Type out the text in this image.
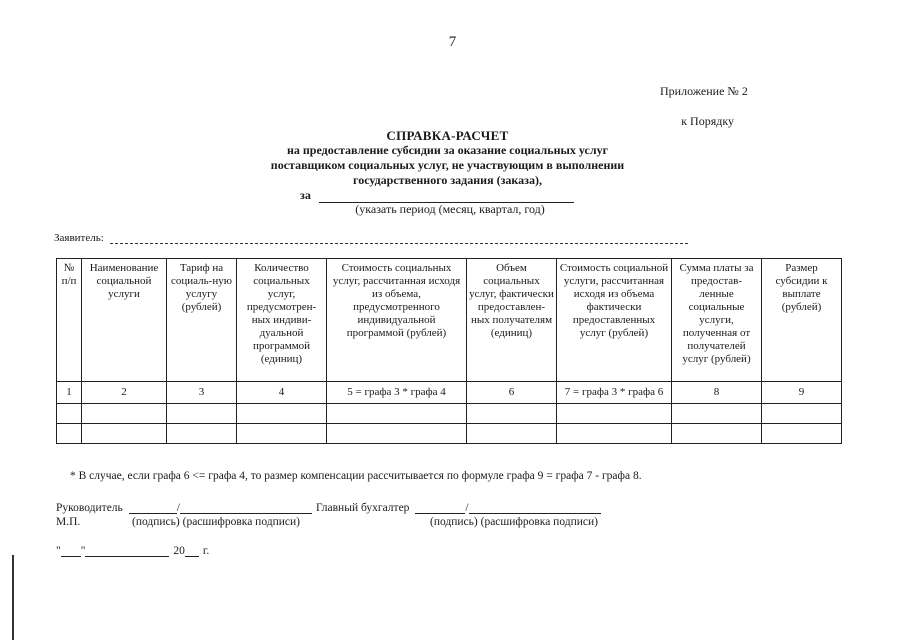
7
Приложение № 2
к Порядку
СПРАВКА-РАСЧЕТ
на предоставление субсидии за оказание социальных услуг
поставщиком социальных услуг, не участвующим в выполнении
государственного задания (заказа),
за
(указать период (месяц, квартал, год)
Заявитель:
№ п/п	Наименование социальной услуги	Тариф на социаль-ную услугу (рублей)	Количество социальных услуг, предусмотрен-ных индиви-дуальной программой (единиц)	Стоимость социальных услуг, рассчитанная исходя из объема, предусмотренного индивидуальной программой (рублей)	Объем социальных услуг, фактически предоставлен-ных получателям (единиц)	Стоимость социальной услуги, рассчитанная исходя из объема фактически предоставленных услуг (рублей)	Сумма платы за предостав-ленные социальные услуги, полученная от получателей услуг (рублей)	Размер субсидии к выплате (рублей)
1	2	3	4	5 = графа 3 * графа 4	6	7 = графа 3 * графа 6	8	9

* В случае, если графа 6 <= графа 4, то размер компенсации рассчитывается по формуле графа 9 = графа 7 - графа 8.
Руководитель	/	Главный бухгалтер	/
М.П.	(подпись) (расшифровка подписи)	(подпись) (расшифровка подписи)
" "	20 г.
